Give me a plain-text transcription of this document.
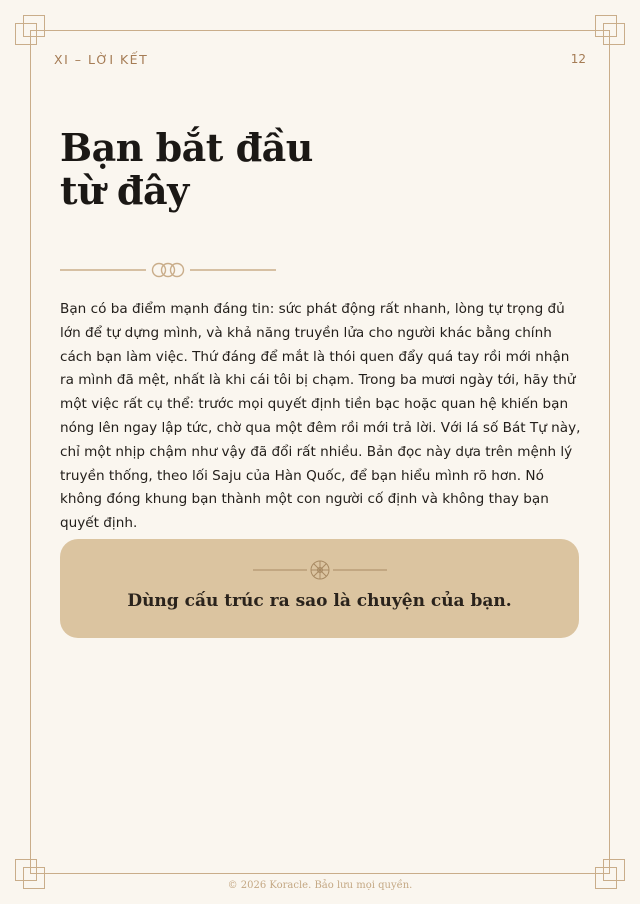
XI – LỜI KẾT	12
Bạn bắt đầu
từ đây
Bạn có ba điểm mạnh đáng tin: sức phát động rất nhanh, lòng tự trọng đủ lớn để tự dựng mình, và khả năng truyền lửa cho người khác bằng chính cách bạn làm việc. Thứ đáng để mắt là thói quen đẩy quá tay rồi mới nhận ra mình đã mệt, nhất là khi cái tôi bị chạm. Trong ba mươi ngày tới, hãy thử một việc rất cụ thể: trước mọi quyết định tiền bạc hoặc quan hệ khiến bạn nóng lên ngay lập tức, chờ qua một đêm rồi mới trả lời. Với lá số Bát Tự này, chỉ một nhịp chậm như vậy đã đổi rất nhiều. Bản đọc này dựa trên mệnh lý truyền thống, theo lối Saju của Hàn Quốc, để bạn hiểu mình rõ hơn. Nó không đóng khung bạn thành một con người cố định và không thay bạn quyết định.
Dùng cấu trúc ra sao là chuyện của bạn.
© 2026 Koracle. Bảo lưu mọi quyền.
